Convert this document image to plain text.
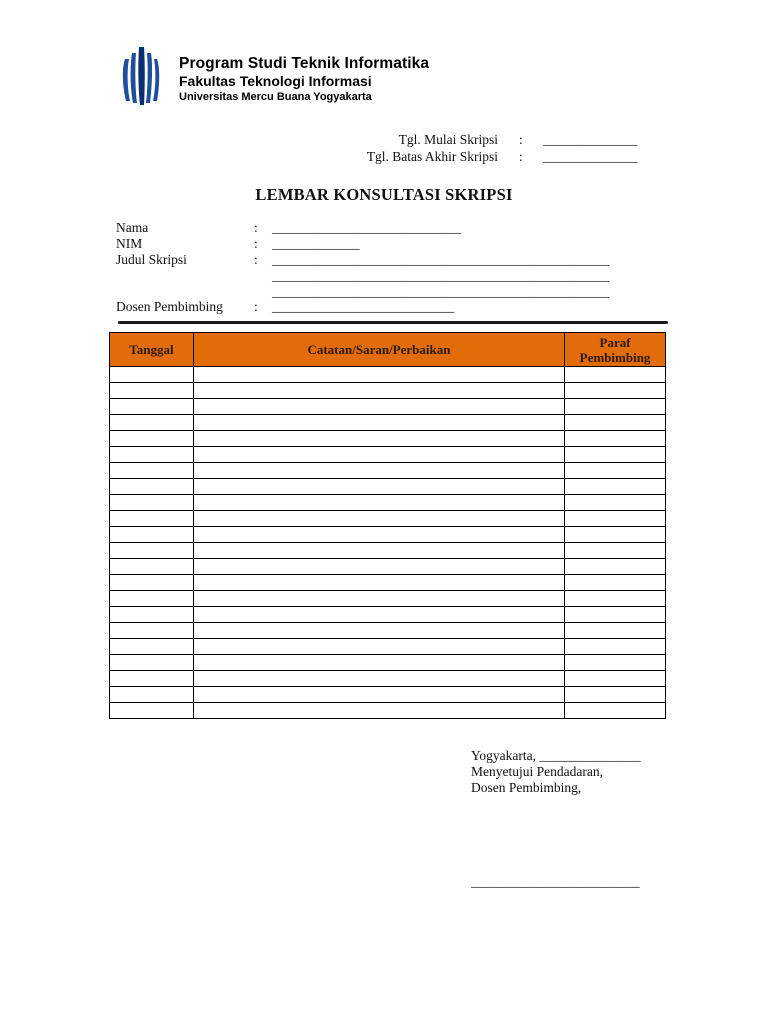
Program Studi Teknik Informatika
Fakultas Teknologi Informasi
Universitas Mercu Buana Yogyakarta
Tgl. Mulai Skripsi : ______________
Tgl. Batas Akhir Skripsi : ______________
LEMBAR KONSULTASI SKRIPSI
Nama	: ____________________________
NIM	: _____________
Judul Skripsi	: __________________________________________________
__________________________________________________
__________________________________________________
Dosen Pembimbing : ___________________________
Tanggal	Catatan/Saran/Perbaikan	Paraf
Pembimbing

Yogyakarta, _______________
Menyetujui Pendadaran,
Dosen Pembimbing,
_________________________
